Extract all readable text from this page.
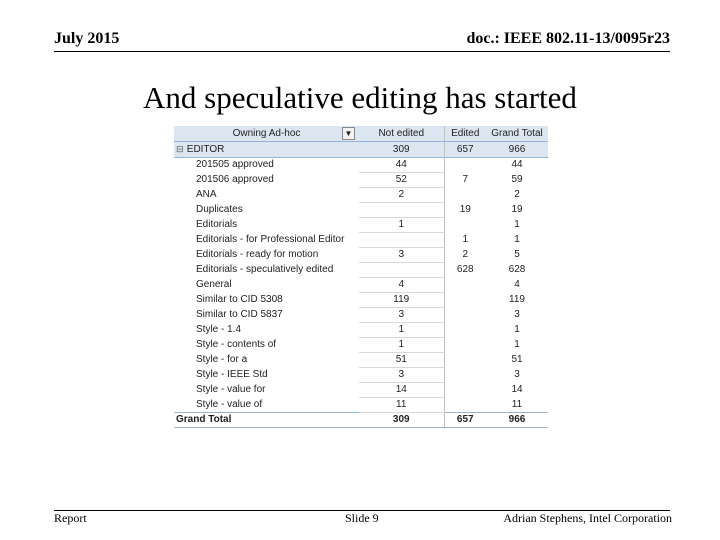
July 2015	doc.: IEEE 802.11-13/0095r23
And speculative editing has started
Owning Ad-hoc ▼	Not edited	Edited	Grand Total
⊟ EDITOR	309	657	966
201505 approved	44		44
201506 approved	52	7	59
ANA	2		2
Duplicates		19	19
Editorials	1		1
Editorials - for Professional Editor		1	1
Editorials - ready for motion	3	2	5
Editorials - speculatively edited		628	628
General	4		4
Similar to CID 5308	119		119
Similar to CID 5837	3		3
Style - 1.4	1		1
Style - contents of	1		1
Style - for a	51		51
Style - IEEE Std	3		3
Style - value for	14		14
Style - value of	11		11
Grand Total	309	657	966
Report	Slide 9	Adrian Stephens, Intel Corporation
